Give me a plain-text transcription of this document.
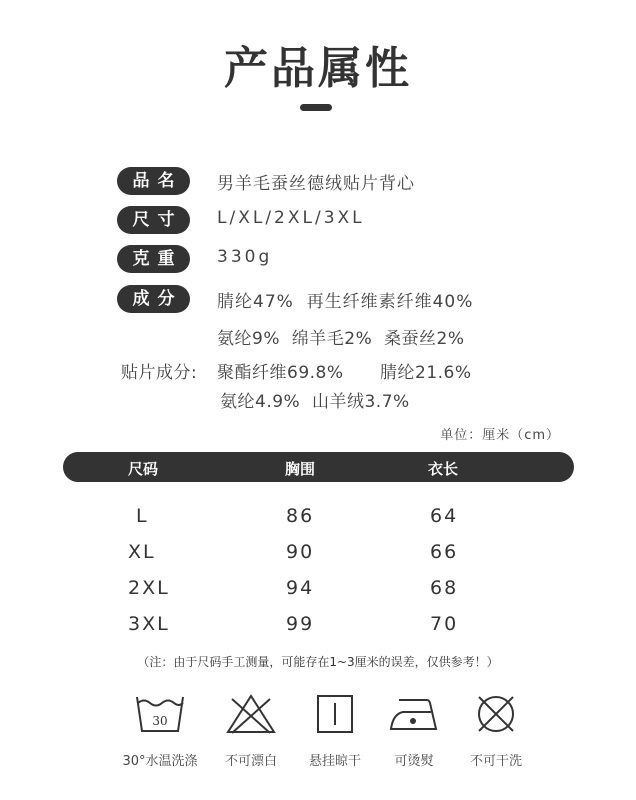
产品属性
品名	男羊毛蚕丝德绒贴片背心
尺寸	L/XL/2XL/3XL
克重	330g
成分	腈纶47%  再生纤维素纤维40%
氨纶9%  绵羊毛2%  桑蚕丝2%
贴片成分: 聚酯纤维69.8% 腈纶21.6%
氨纶4.9%  山羊绒3.7%
单位：厘米（cm）
尺码	胸围	衣长
L	86	64
XL	90	66
2XL	94	68
3XL	99	70
（注：由于尺码手工测量，可能存在1~3厘米的误差，仅供参考！）
30
30°水温洗涤	不可漂白	悬挂晾干	可烫熨	不可干洗
